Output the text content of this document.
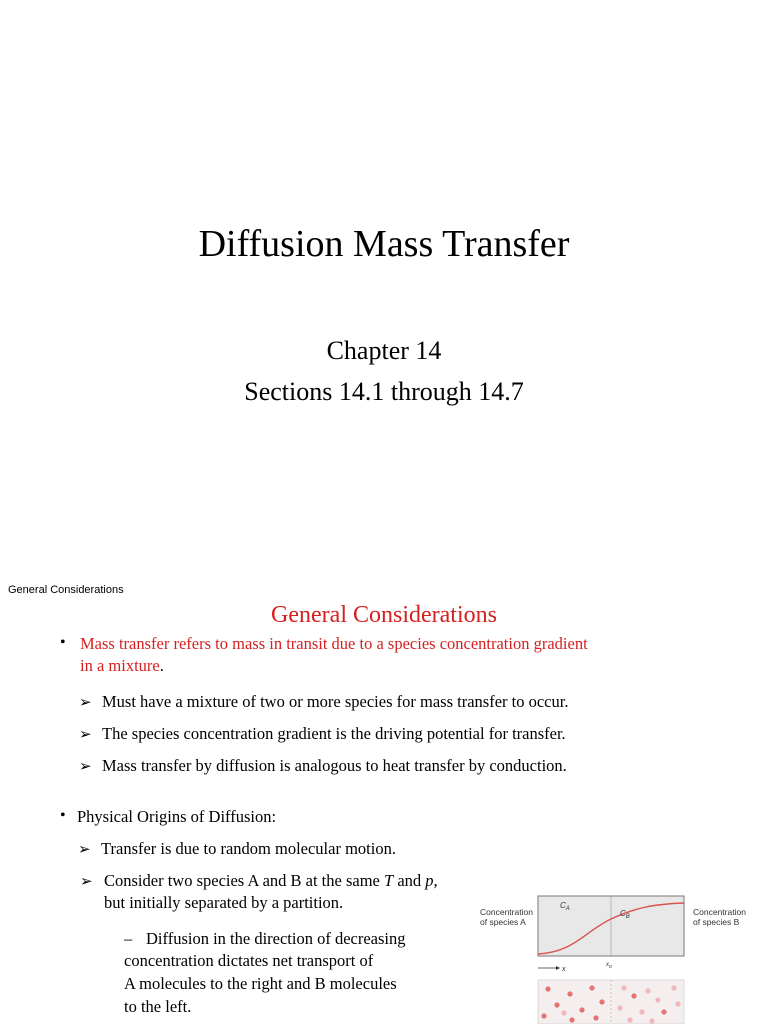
Diffusion Mass Transfer
Chapter 14
Sections 14.1 through 14.7
General Considerations
General Considerations
• Mass transfer refers to mass in transit due to a species concentration gradient
in a mixture.
➢ Must have a mixture of two or more species for mass transfer to occur.
➢ The species concentration gradient is the driving potential for transfer.
➢ Mass transfer by diffusion is analogous to heat transfer by conduction.
• Physical Origins of Diffusion:
➢ Transfer is due to random molecular motion.
➢ Consider two species A and B at the same T and p,
but initially separated by a partition.
– Diffusion in the direction of decreasing
concentration dictates net transport of
A molecules to the right and B molecules
to the left.
Concentration
of species A
Concentration
of species B
$C_A$	$C_B$
x
$x_o$
